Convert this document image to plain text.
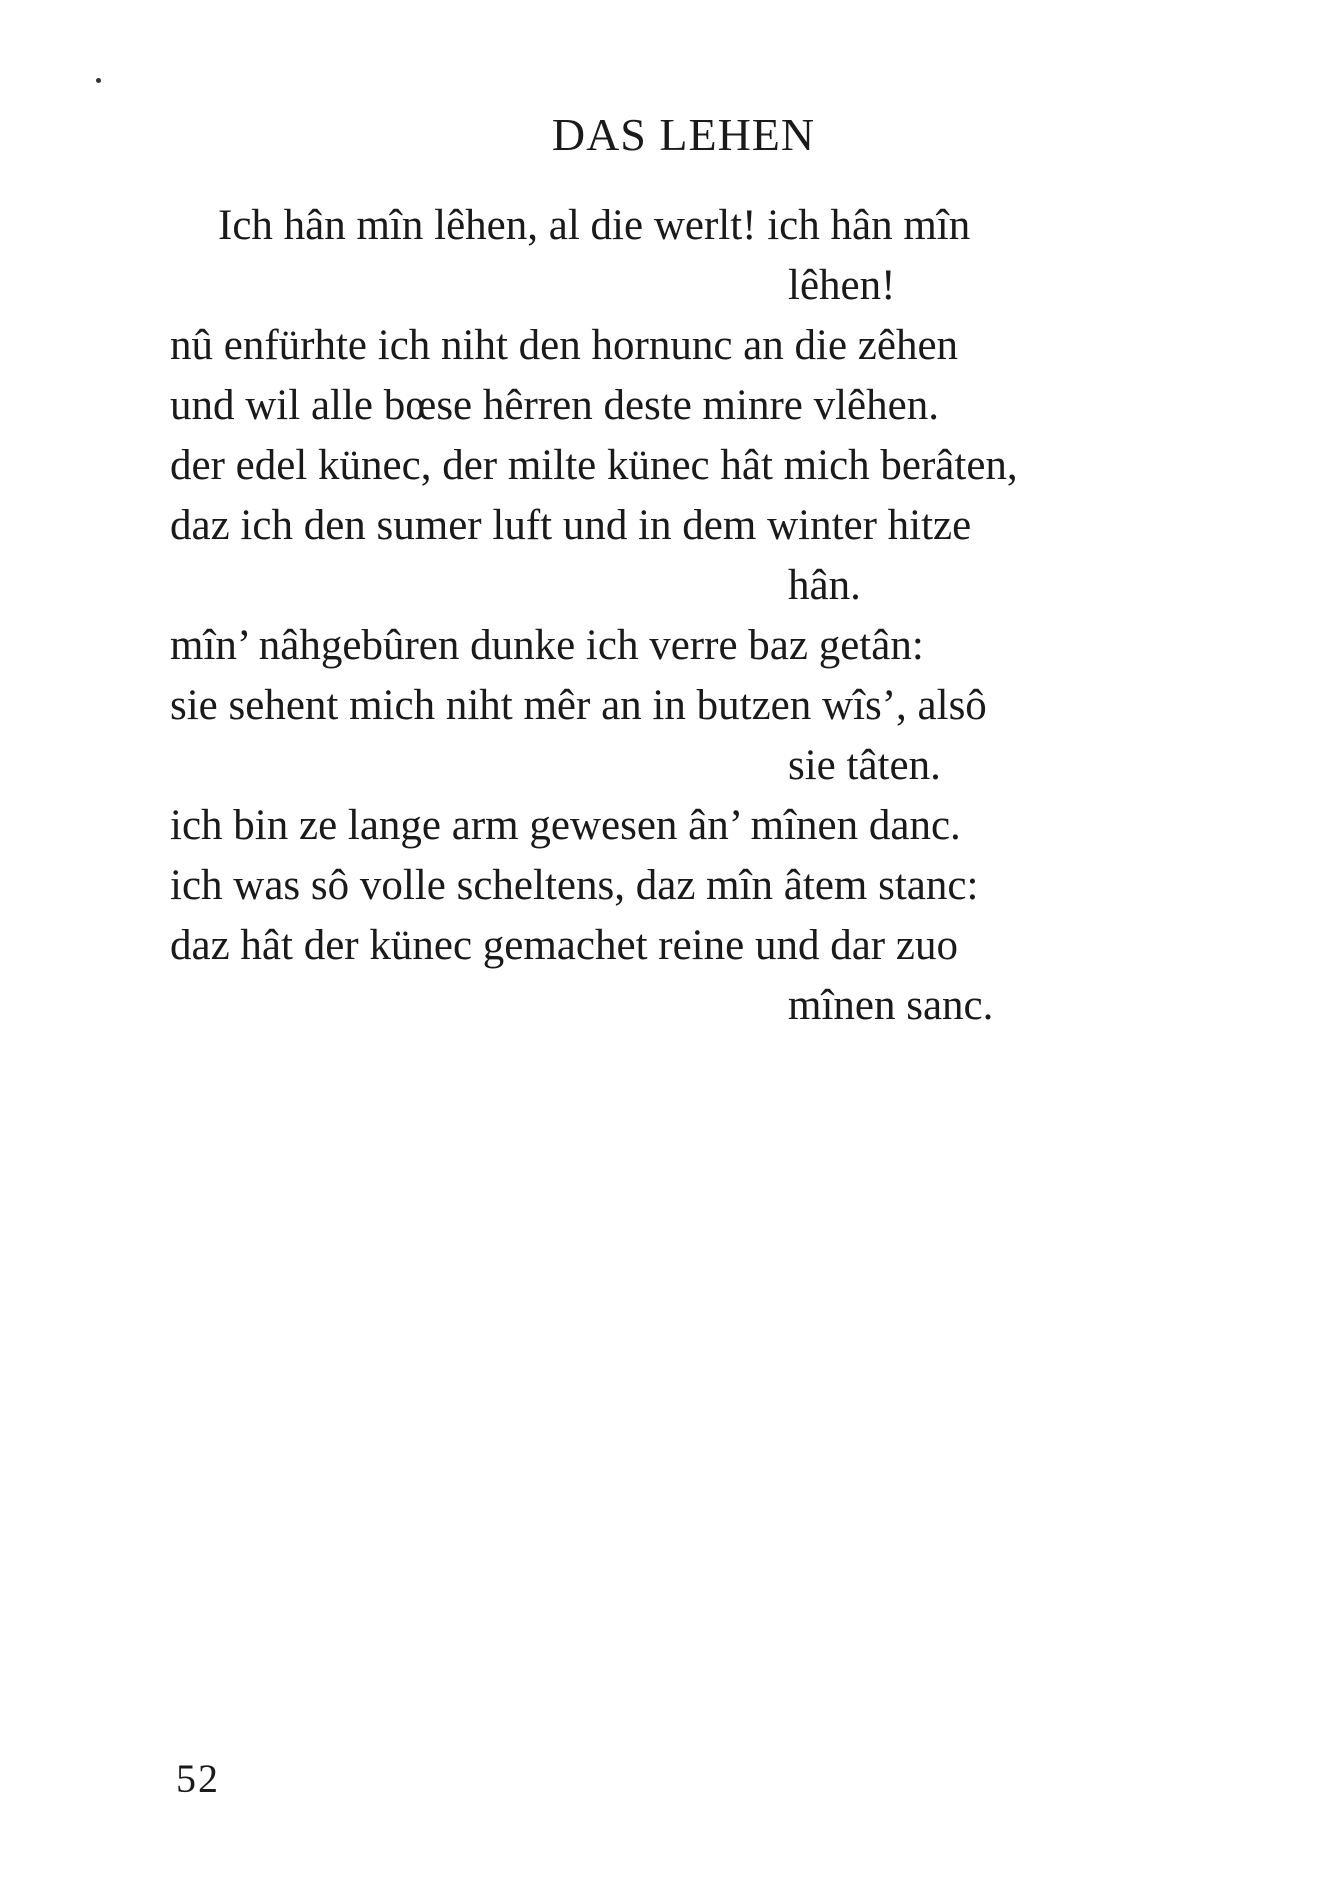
DAS LEHEN
Ich hân mîn lêhen, al die werlt! ich hân mîn
lêhen!
nû enfürhte ich niht den hornunc an die zêhen
und wil alle bœse hêrren deste minre vlêhen.
der edel künec, der milte künec hât mich berâten,
daz ich den sumer luft und in dem winter hitze
hân.
mîn’ nâhgebûren dunke ich verre baz getân:
sie sehent mich niht mêr an in butzen wîs’, alsô
sie tâten.
ich bin ze lange arm gewesen ân’ mînen danc.
ich was sô volle scheltens, daz mîn âtem stanc:
daz hât der künec gemachet reine und dar zuo
mînen sanc.
52
